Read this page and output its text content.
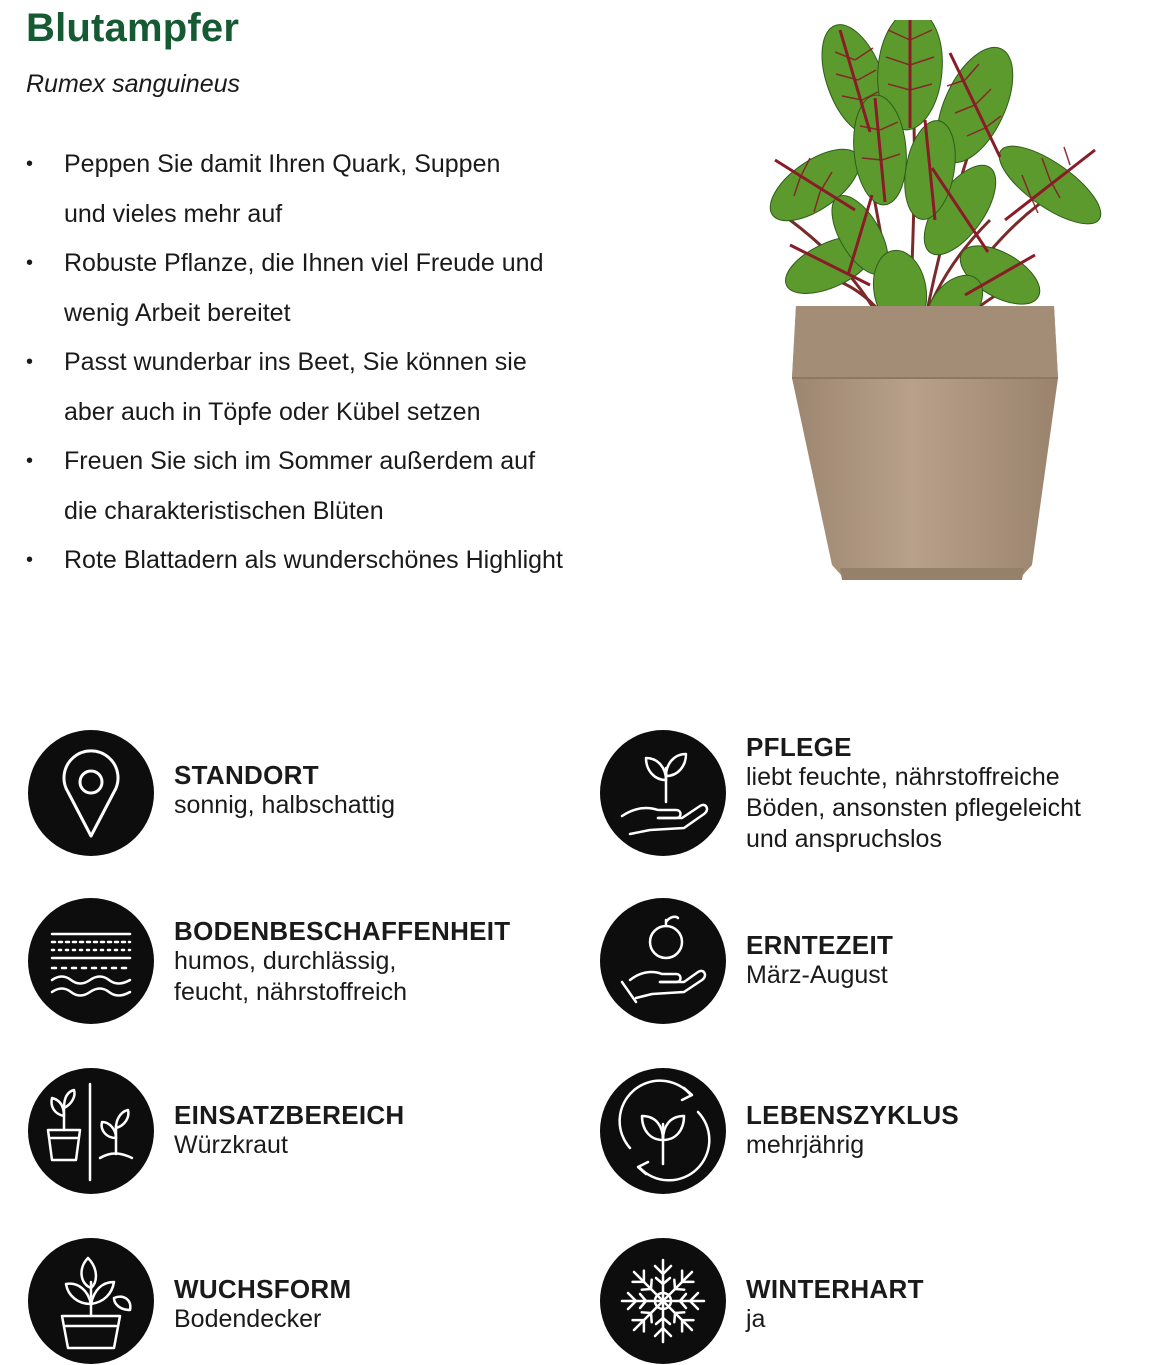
Blutampfer
Rumex sanguineus
• Peppen Sie damit Ihren Quark, Suppen
und vieles mehr auf
• Robuste Pflanze, die Ihnen viel Freude und
wenig Arbeit bereitet
• Passt wunderbar ins Beet, Sie können sie
aber auch in Töpfe oder Kübel setzen
• Freuen Sie sich im Sommer außerdem auf
die charakteristischen Blüten
• Rote Blattadern als wunderschönes Highlight
STANDORT
sonnig, halbschattig
BODENBESCHAFFENHEIT
humos, durchlässig,
feucht, nährstoffreich
EINSATZBEREICH
Würzkraut
WUCHSFORM
Bodendecker
PFLEGE
liebt feuchte, nährstoffreiche
Böden, ansonsten pflegeleicht
und anspruchslos
ERNTEZEIT
März-August
LEBENSZYKLUS
mehrjährig
WINTERHART
ja
